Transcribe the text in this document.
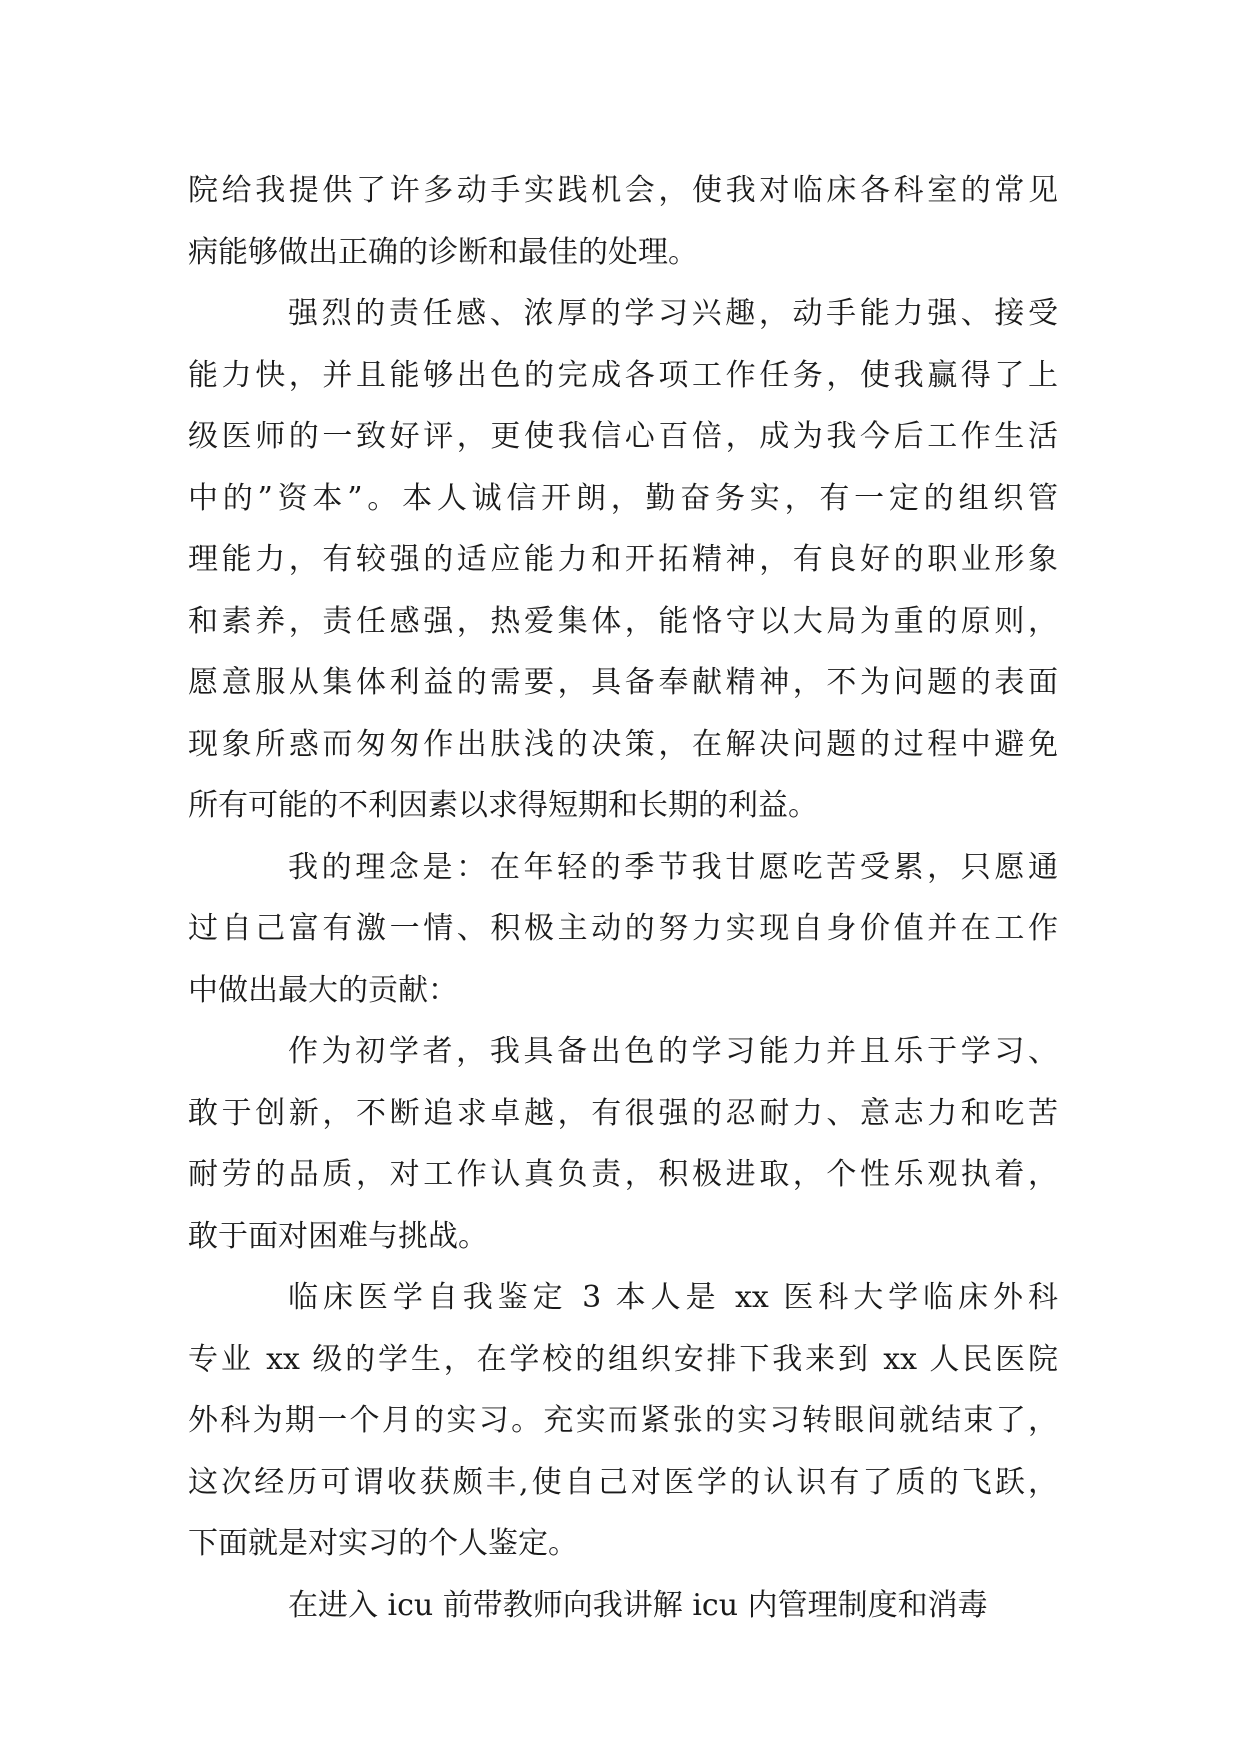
院给我提供了许多动手实践机会，使我对临床各科室的常见
病能够做出正确的诊断和最佳的处理。
强烈的责任感、浓厚的学习兴趣，动手能力强、接受
能力快，并且能够出色的完成各项工作任务，使我赢得了上
级医师的一致好评，更使我信心百倍，成为我今后工作生活
中的”资本”。本人诚信开朗，勤奋务实，有一定的组织管
理能力，有较强的适应能力和开拓精神，有良好的职业形象
和素养，责任感强，热爱集体，能恪守以大局为重的原则，
愿意服从集体利益的需要，具备奉献精神，不为问题的表面
现象所惑而匆匆作出肤浅的决策，在解决问题的过程中避免
所有可能的不利因素以求得短期和长期的利益。
我的理念是：在年轻的季节我甘愿吃苦受累，只愿通
过自己富有激一情、积极主动的努力实现自身价值并在工作
中做出最大的贡献：
作为初学者，我具备出色的学习能力并且乐于学习、
敢于创新，不断追求卓越，有很强的忍耐力、意志力和吃苦
耐劳的品质，对工作认真负责，积极进取，个性乐观执着，
敢于面对困难与挑战。
临床医学自我鉴定 3 本人是 xx 医科大学临床外科
专业 xx 级的学生，在学校的组织安排下我来到 xx 人民医院
外科为期一个月的实习。充实而紧张的实习转眼间就结束了，
这次经历可谓收获颇丰,使自己对医学的认识有了质的飞跃，
下面就是对实习的个人鉴定。
在进入 icu 前带教师向我讲解 icu 内管理制度和消毒
